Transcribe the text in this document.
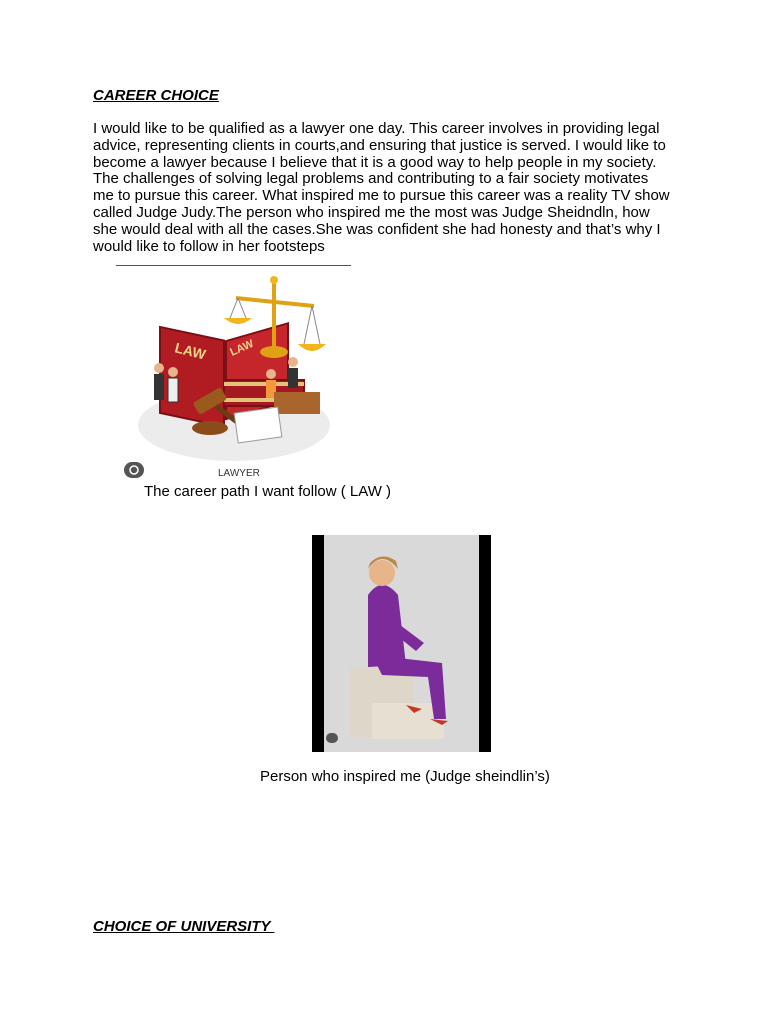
CAREER CHOICE

I would like to be qualified as a lawyer one day. This career involves in providing legal advice, representing clients in courts,and ensuring that justice is served. I would like to become a lawyer because I believe that it is a good way to help people in my society. The challenges of solving legal problems and contributing to a fair society motivates me to pursue this career. What inspired me to pursue this career was a reality TV show called Judge Judy.The person who inspired me the most was Judge Sheidndln, how she would deal with all the cases.She was confident she had honesty and that’s why I would like to follow in her footsteps

LAW LAW
LAWYER

The career path I want follow ( LAW )

Person who inspired me (Judge sheindlin’s)

CHOICE OF UNIVERSITY
